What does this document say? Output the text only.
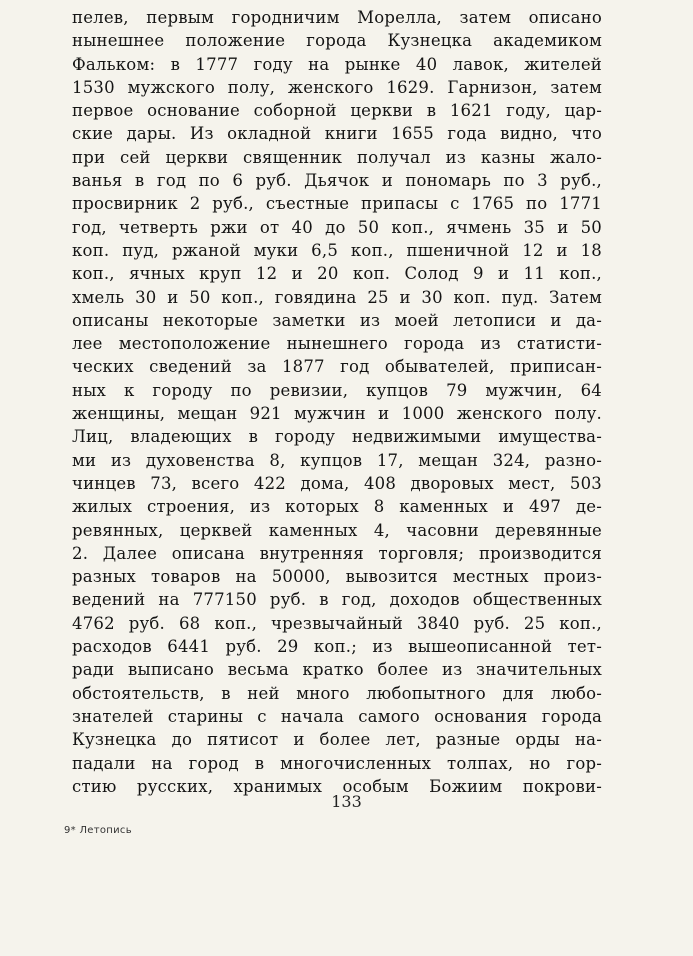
пелев, первым городничим Морелла, затем описано
нынешнее положение города Кузнецка академиком
Фальком: в 1777 году на рынке 40 лавок, жителей
1530 мужского полу, женского 1629. Гарнизон, затем
первое основание соборной церкви в 1621 году, цар-
ские дары. Из окладной книги 1655 года видно, что
при сей церкви священник получал из казны жало-
ванья в год по 6 руб. Дьячок и пономарь по 3 руб.,
просвирник 2 руб., съестные припасы с 1765 по 1771
год, четверть ржи от 40 до 50 коп., ячмень 35 и 50
коп. пуд, ржаной муки 6,5 коп., пшеничной 12 и 18
коп., ячных круп 12 и 20 коп. Солод 9 и 11 коп.,
хмель 30 и 50 коп., говядина 25 и 30 коп. пуд. Затем
описаны некоторые заметки из моей летописи и да-
лее местоположение нынешнего города из статисти-
ческих сведений за 1877 год обывателей, приписан-
ных к городу по ревизии, купцов 79 мужчин, 64
женщины, мещан 921 мужчин и 1000 женского полу.
Лиц, владеющих в городу недвижимыми имущества-
ми из духовенства 8, купцов 17, мещан 324, разно-
чинцев 73, всего 422 дома, 408 дворовых мест, 503
жилых строения, из которых 8 каменных и 497 де-
ревянных, церквей каменных 4, часовни деревянные
2. Далее описана внутренняя торговля; производится
разных товаров на 50000, вывозится местных произ-
ведений на 777150 руб. в год, доходов общественных
4762 руб. 68 коп., чрезвычайный 3840 руб. 25 коп.,
расходов 6441 руб. 29 коп.; из вышеописанной тет-
ради выписано весьма кратко более из значительных
обстоятельств, в ней много любопытного для любо-
знателей старины с начала самого основания города
Кузнецка до пятисот и более лет, разные орды на-
падали на город в многочисленных толпах, но гор-
стию русских, хранимых особым Божиим покрови-
133
9* Летопись
